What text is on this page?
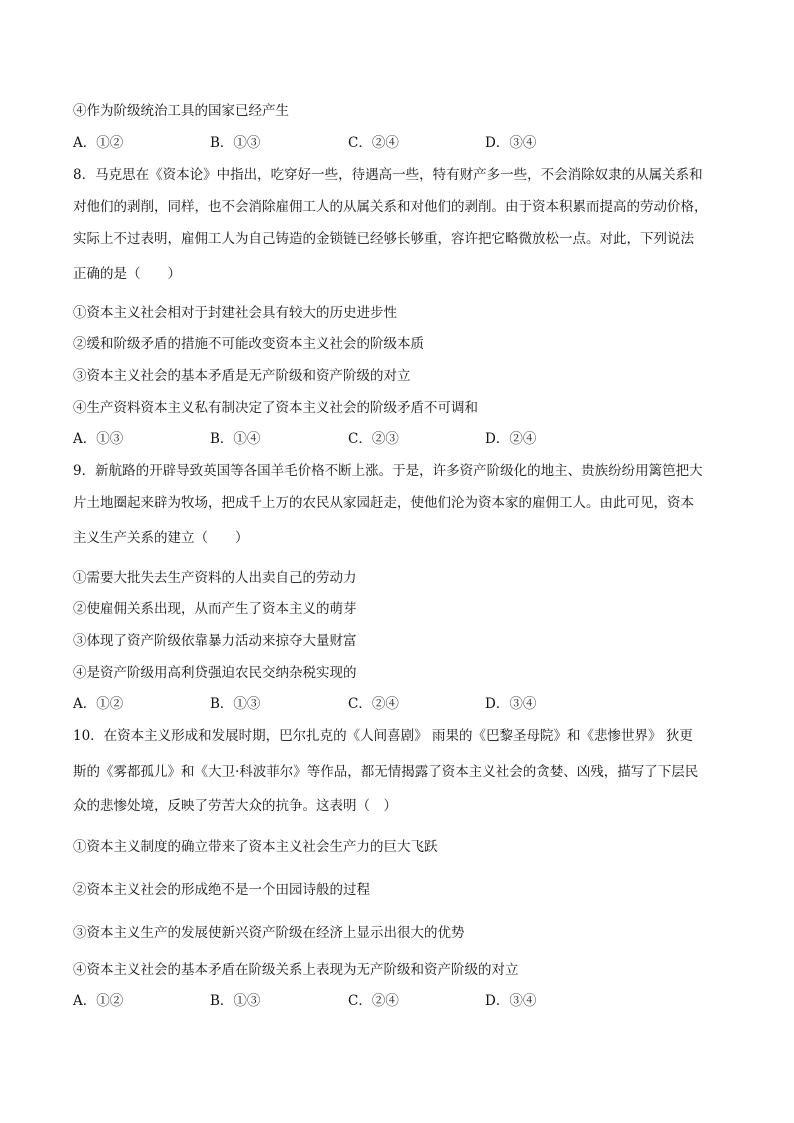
④作为阶级统治工具的国家已经产生
A．①②	B．①③	C．②④	D．③④
8．马克思在《资本论》中指出，吃穿好一些，待遇高一些，特有财产多一些，不会消除奴隶的从属关系和
对他们的剥削，同样，也不会消除雇佣工人的从属关系和对他们的剥削。由于资本积累而提高的劳动价格，
实际上不过表明，雇佣工人为自己铸造的金锁链已经够长够重，容许把它略微放松一点。对此，下列说法
正确的是（　　）
①资本主义社会相对于封建社会具有较大的历史进步性
②缓和阶级矛盾的措施不可能改变资本主义社会的阶级本质
③资本主义社会的基本矛盾是无产阶级和资产阶级的对立
④生产资料资本主义私有制决定了资本主义社会的阶级矛盾不可调和
A．①③	B．①④	C．②③	D．②④
9．新航路的开辟导致英国等各国羊毛价格不断上涨。于是，许多资产阶级化的地主、贵族纷纷用篱笆把大
片土地圈起来辟为牧场，把成千上万的农民从家园赶走，使他们沦为资本家的雇佣工人。由此可见，资本
主义生产关系的建立（　　）
①需要大批失去生产资料的人出卖自己的劳动力
②使雇佣关系出现，从而产生了资本主义的萌芽
③体现了资产阶级依靠暴力活动来掠夺大量财富
④是资产阶级用高利贷强迫农民交纳杂税实现的
A．①②	B．①③	C．②④	D．③④
10．在资本主义形成和发展时期，巴尔扎克的《人间喜剧》 雨果的《巴黎圣母院》和《悲惨世界》 狄更
斯的《雾都孤儿》和《大卫·科波菲尔》等作品，都无情揭露了资本主义社会的贪婪、凶残，描写了下层民
众的悲惨处境，反映了劳苦大众的抗争。这表明（　）
①资本主义制度的确立带来了资本主义社会生产力的巨大飞跃
②资本主义社会的形成绝不是一个田园诗般的过程
③资本主义生产的发展使新兴资产阶级在经济上显示出很大的优势
④资本主义社会的基本矛盾在阶级关系上表现为无产阶级和资产阶级的对立
A．①②	B．①③	C．②④	D．③④
